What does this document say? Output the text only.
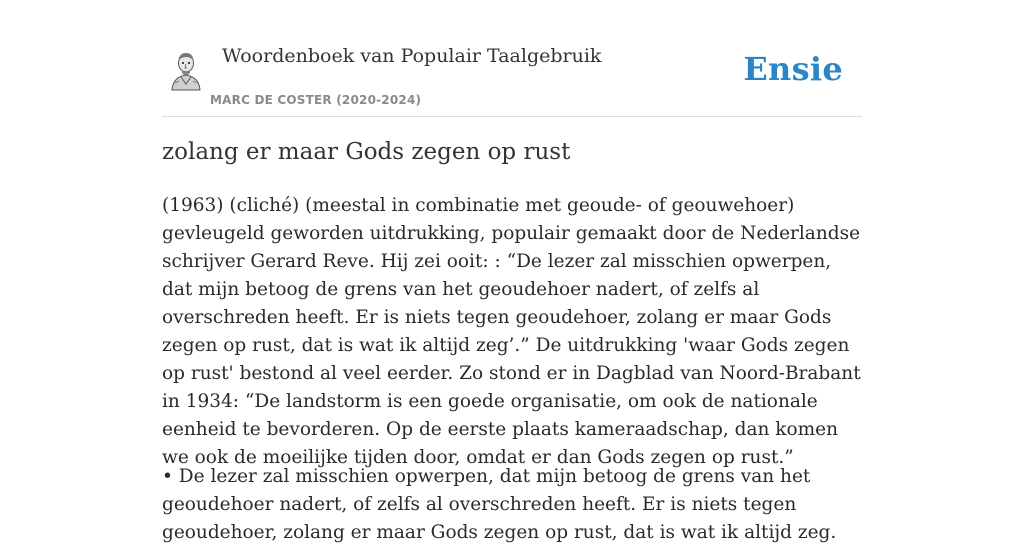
Woordenboek van Populair Taalgebruik
MARC DE COSTER (2020-2024)
Ensie
zolang er maar Gods zegen op rust

(1963) (cliché) (meestal in combinatie met geoude- of geouwehoer) gevleugeld geworden uitdrukking, populair gemaakt door de Nederlandse schrijver Gerard Reve. Hij zei ooit: : “De lezer zal misschien opwerpen, dat mijn betoog de grens van het geoudehoer nadert, of zelfs al overschreden heeft. Er is niets tegen geoudehoer, zolang er maar Gods zegen op rust, dat is wat ik altijd zeg’.” De uitdrukking 'waar Gods zegen op rust' bestond al veel eerder. Zo stond er in Dagblad van Noord-Brabant in 1934: “De landstorm is een goede organisatie, om ook de nationale eenheid te bevorderen. Op de eerste plaats kameraadschap, dan komen we ook de moeilijke tijden door, omdat er dan Gods zegen op rust.”

• De lezer zal misschien opwerpen, dat mijn betoog de grens van het geoudehoer nadert, of zelfs al overschreden heeft. Er is niets tegen geoudehoer, zolang er maar Gods zegen op rust, dat is wat ik altijd zeg.
